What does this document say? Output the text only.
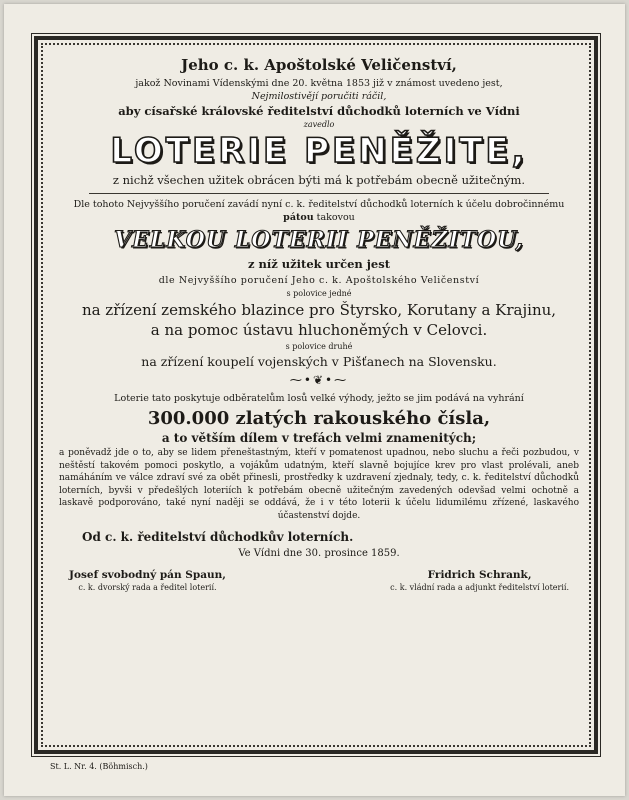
Jeho c. k. Apoštolské Veličenství,
jakož Novinami Vídenskými dne 20. května 1853 již v známost uvedeno jest,
Nejmilostivějí poručiti ráčil,
aby císařské královské ředitelství důchodků loterních ve Vídni
zavedlo
LOTERIE PENĚŽITE,
z nichž všechen užitek obrácen býti má k potřebám obecně užitečným.
Dle tohoto Nejvyššího poručení zavádí nyní c. k. ředitelství důchodků loterních k účelu dobročinnému
pátou takovou
VELKOU LOTERII PENĚŽITOU,
z níž užitek určen jest
dle Nejvyššího poručení Jeho c. k. Apoštolského Veličenství
s polovice jedné
na zřízení zemského blazince pro Štyrsko, Korutany a Krajinu,
a na pomoc ústavu hluchoněmých v Celovci.
s polovice druhé
na zřízení koupelí vojenských v Pišťanech na Slovensku.
⁓•❦•⁓
Loterie tato poskytuje odběratelům losů velké výhody, ježto se jim podává na vyhrání
300.000 zlatých rakouského čísla,
a to větším dílem v trefách velmi znamenitých;

a poněvadž jde o to, aby se lidem přeneštastným, kteří v pomatenost upadnou, nebo sluchu a řeči pozbudou, v neštěstí takovém pomoci poskytlo, a vojákům udatným, kteří slavně bojujíce krev pro vlast prolévali, aneb namáháním ve válce zdraví své za obět přinesli, prostředky k uzdravení zjednaly, tedy, c. k. ředitelství důchodků loterních, byvši v předešlých loteriích k potřebám obecně užitečným zavedených odevšad velmi ochotně a laskavě podporováno, také nyní naději se oddává, že i v této loterii k účelu lidumilému zřízené, laskavého účastenství dojde.

Od c. k. ředitelství důchodkův loterních.
Ve Vídni dne 30. prosince 1859.
Josef svobodný pán Spaun,
c. k. dvorský rada a ředitel loterií.
Fridrich Schrank,
c. k. vládní rada a adjunkt ředitelství loterií.
St. L. Nr. 4. (Böhmisch.)
